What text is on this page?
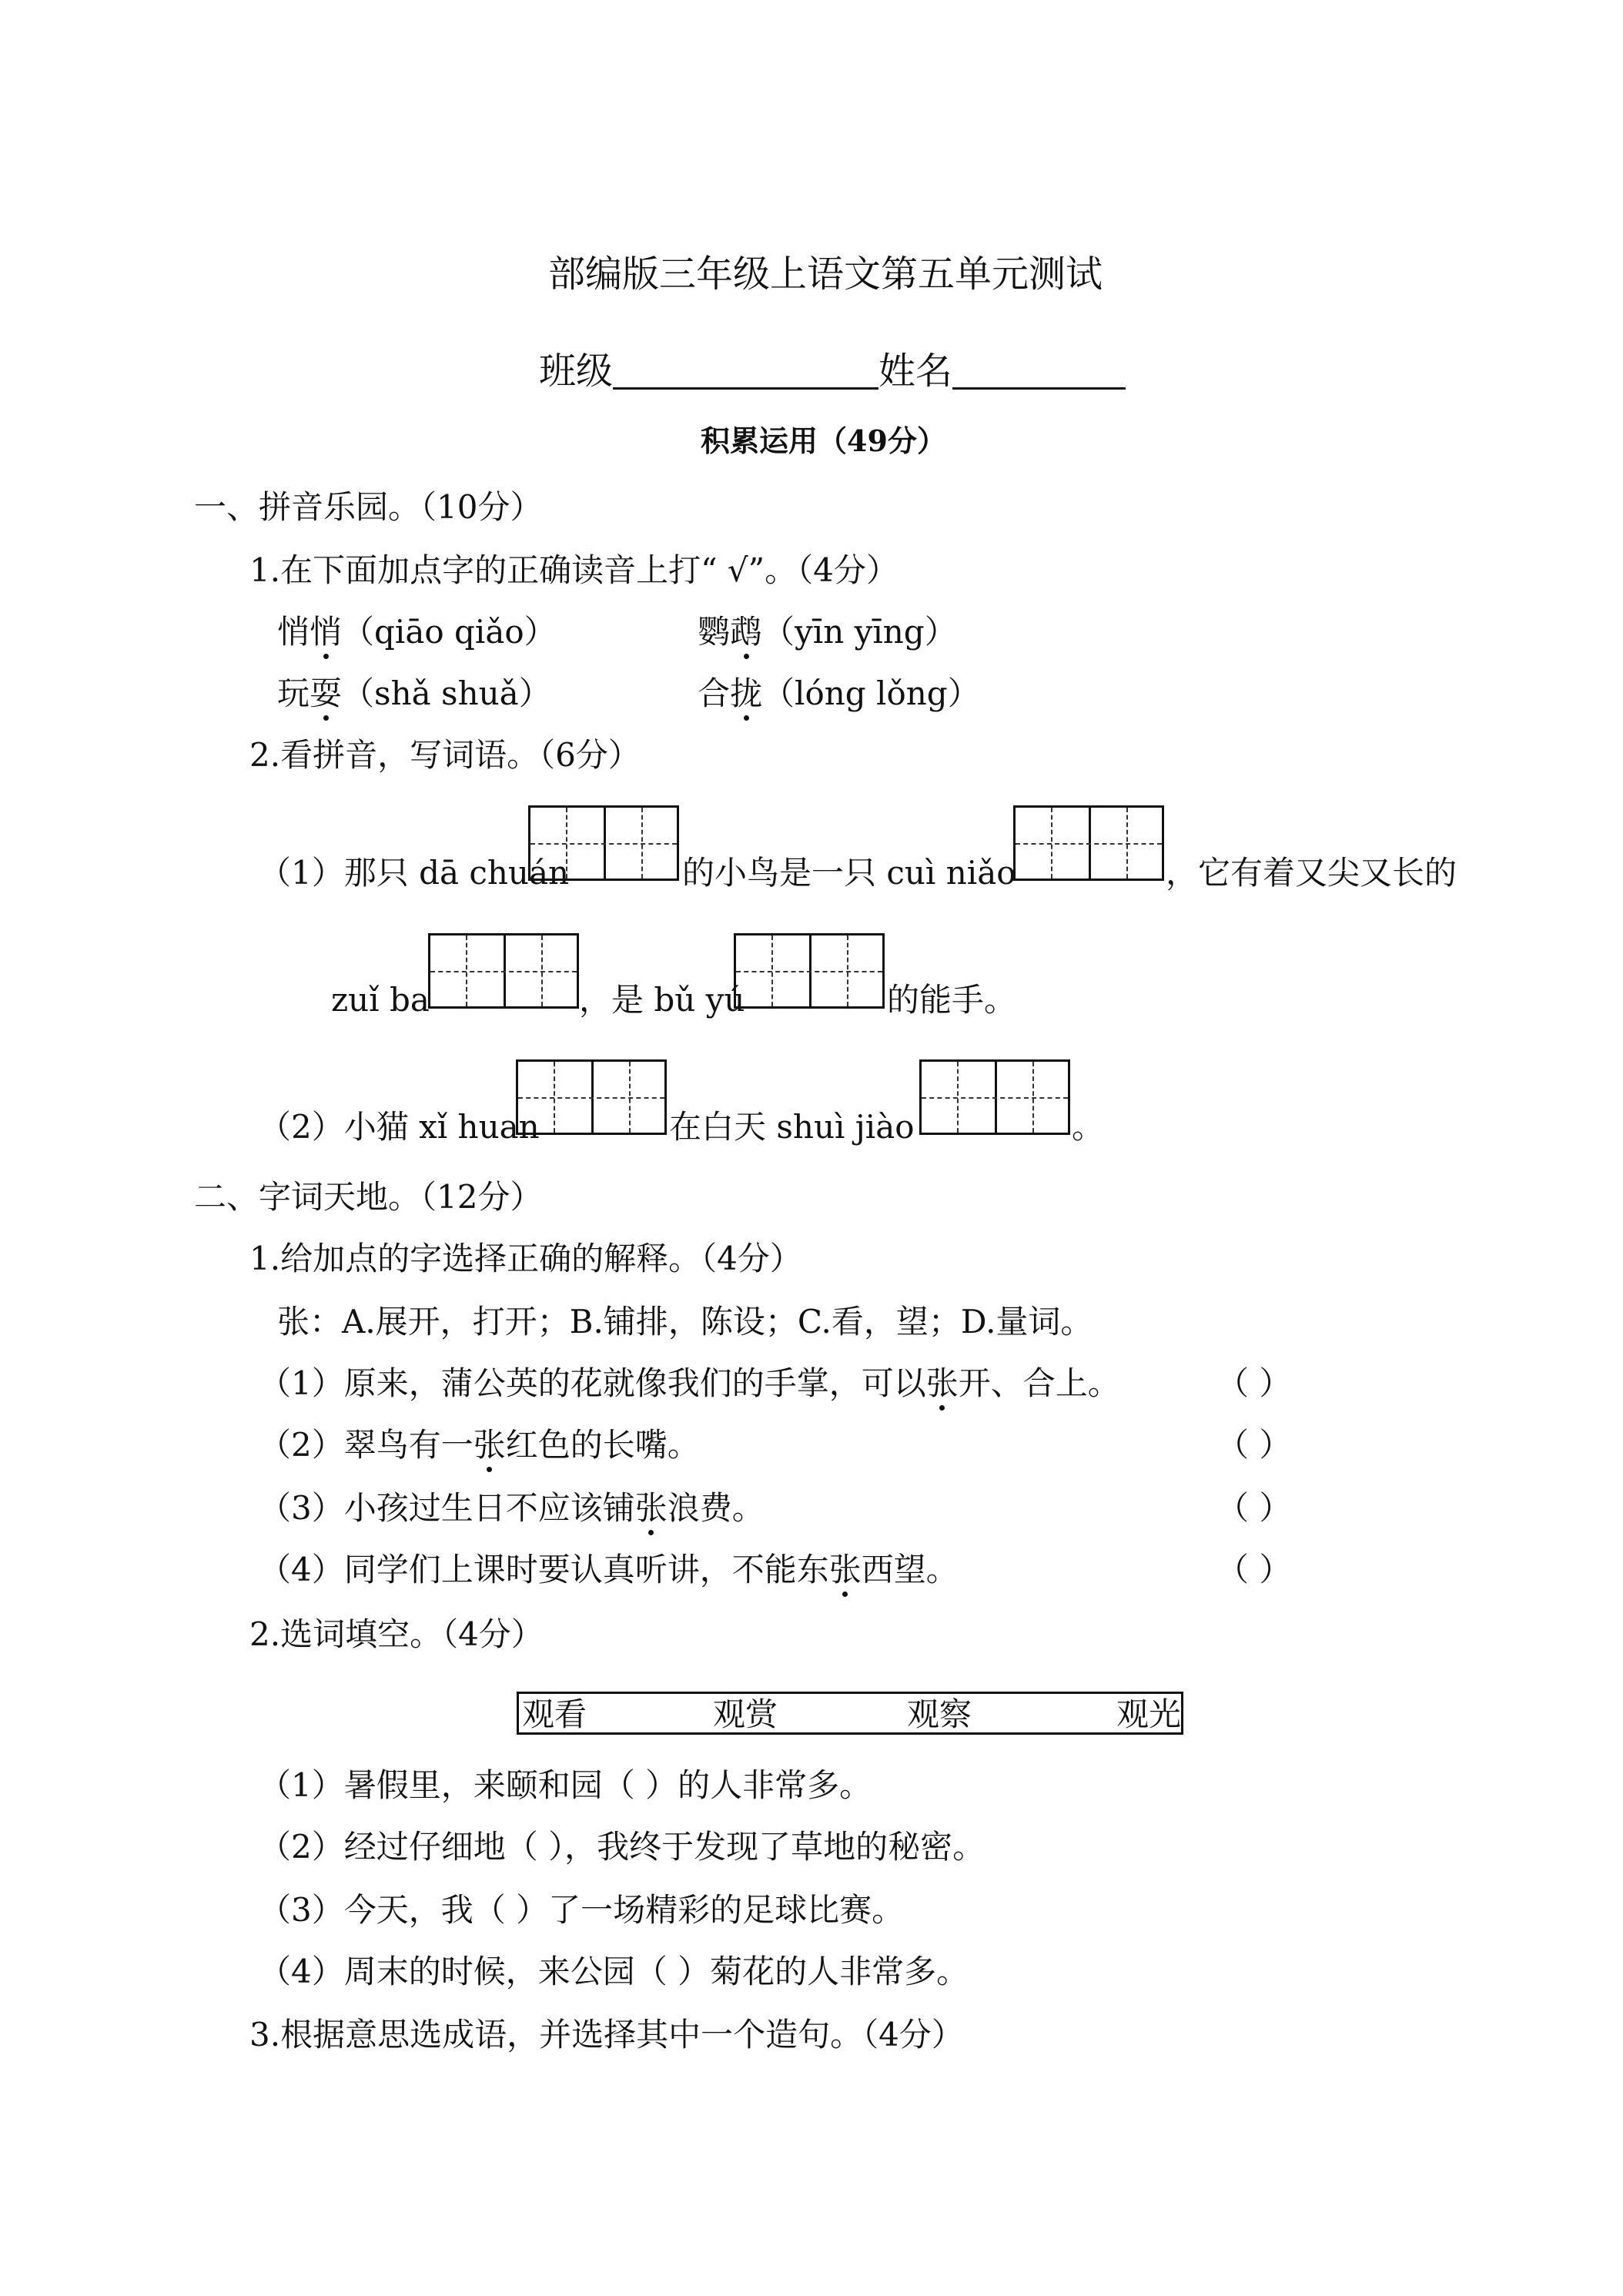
部编版三年级上语文第五单元测试
班级	姓名
积累运用（49分）
一、拼音乐园。（10分）
1.在下面加点字的正确读音上打“ √”。（4分）
悄悄（qiāo qiǎo）	鹦鹉（yīn yīng）
玩耍（shǎ shuǎ）	合拢（lóng lǒng）
2.看拼音，写词语。（6分）
（1）那只 dā chuán	的小鸟是一只 cuì niǎo	，它有着又尖又长的
zuǐ ba	，是 bǔ yú	的能手。
（2）小猫 xǐ huan	在白天 shuì jiào	。
二、字词天地。（12分）
1.给加点的字选择正确的解释。（4分）
张：A.展开，打开；B.铺排，陈设；C.看，望；D.量词。
（1）原来，蒲公英的花就像我们的手掌，可以张开、合上。	（ ）
（2）翠鸟有一张红色的长嘴。	（ ）
（3）小孩过生日不应该铺张浪费。	（ ）
（4）同学们上课时要认真听讲，不能东张西望。	（ ）
2.选词填空。（4分）
观看	观赏	观察	观光
（1）暑假里，来颐和园（ ）的人非常多。
（2）经过仔细地（ ），我终于发现了草地的秘密。
（3）今天，我（ ）了一场精彩的足球比赛。
（4）周末的时候，来公园（ ）菊花的人非常多。
3.根据意思选成语，并选择其中一个造句。（4分）
